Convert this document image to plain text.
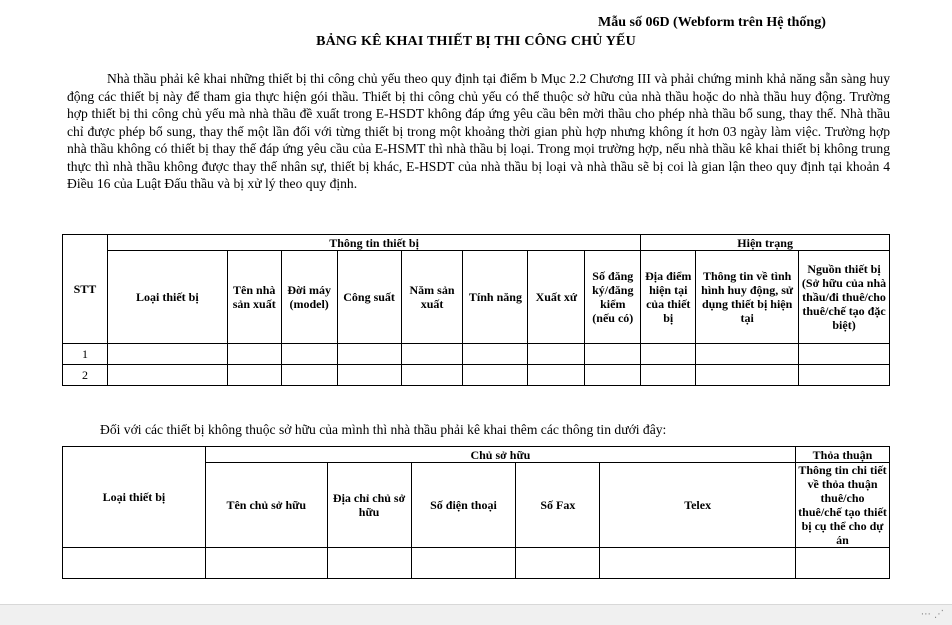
Mẫu số 06D (Webform trên Hệ thống)
BẢNG KÊ KHAI THIẾT BỊ THI CÔNG CHỦ YẾU

Nhà thầu phải kê khai những thiết bị thi công chủ yếu theo quy định tại điểm b Mục 2.2 Chương III và phải chứng minh khả năng sẵn sàng huy động các thiết bị này để tham gia thực hiện gói thầu. Thiết bị thi công chủ yếu có thể thuộc sở hữu của nhà thầu hoặc do nhà thầu huy động. Trường hợp thiết bị thi công chủ yếu mà nhà thầu đề xuất trong E-HSDT không đáp ứng yêu cầu bên mời thầu cho phép nhà thầu bổ sung, thay thế. Nhà thầu chỉ được phép bổ sung, thay thế một lần đối với từng thiết bị trong một khoảng thời gian phù hợp nhưng không ít hơn 03 ngày làm việc. Trường hợp nhà thầu không có thiết bị thay thế đáp ứng yêu cầu của E-HSMT thì nhà thầu bị loại. Trong mọi trường hợp, nếu nhà thầu kê khai thiết bị không trung thực thì nhà thầu không được thay thế nhân sự, thiết bị khác, E-HSDT của nhà thầu bị loại và nhà thầu sẽ bị coi là gian lận theo quy định tại khoản 4 Điều 16 của Luật Đấu thầu và bị xử lý theo quy định.

STT	Thông tin thiết bị								Hiện trạng		
	Loại thiết bị	Tên nhà sản xuất	Đời máy (model)	Công suất	Năm sản xuất	Tính năng	Xuất xứ	Số đăng ký/đăng kiểm (nếu có)	Địa điểm hiện tại của thiết bị	Thông tin về tình hình huy động, sử dụng thiết bị hiện tại	Nguồn thiết bị (Sở hữu của nhà thầu/đi thuê/cho thuê/chế tạo đặc biệt)
1											
2											
Đối với các thiết bị không thuộc sở hữu của mình thì nhà thầu phải kê khai thêm các thông tin dưới đây:
Loại thiết bị	Chủ sở hữu					Thỏa thuận
	Tên chủ sở hữu	Địa chỉ chủ sở hữu	Số điện thoại	Số Fax	Telex	Thông tin chi tiết về thỏa thuận thuê/cho thuê/chế tạo thiết bị cụ thể cho dự án

⋯ ⋰
